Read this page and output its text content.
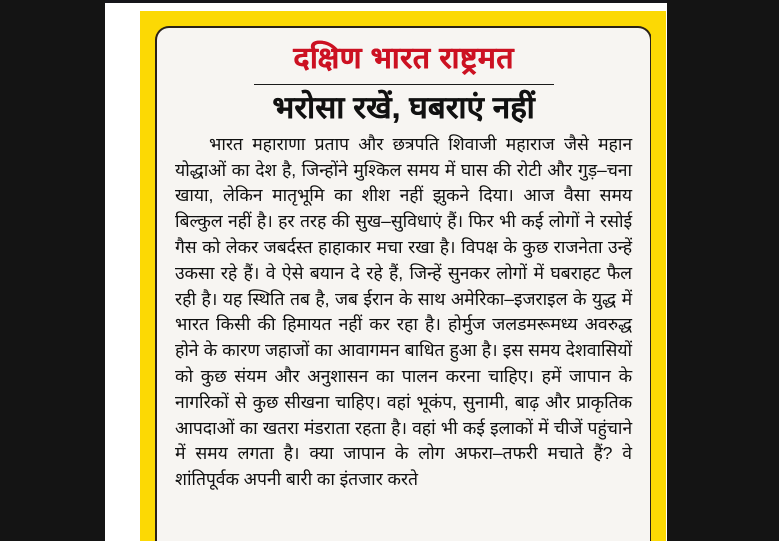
दक्षिण भारत राष्ट्रमत
भरोसा रखें, घबराएं नहीं
भारत महाराणा प्रताप और छत्रपति शिवाजी महाराज जैसे महान योद्धाओं का देश है, जिन्होंने मुश्किल समय में घास की रोटी और गुड़–चना खाया, लेकिन मातृभूमि का शीश नहीं झुकने दिया। आज वैसा समय बिल्कुल नहीं है। हर तरह की सुख–सुविधाएं हैं। फिर भी कई लोगों ने रसोई गैस को लेकर जबर्दस्त हाहाकार मचा रखा है। विपक्ष के कुछ राजनेता उन्हें उकसा रहे हैं। वे ऐसे बयान दे रहे हैं, जिन्हें सुनकर लोगों में घबराहट फैल रही है। यह स्थिति तब है, जब ईरान के साथ अमेरिका–इजराइल के युद्ध में भारत किसी की हिमायत नहीं कर रहा है। होर्मुज जलडमरूमध्य अवरुद्ध होने के कारण जहाजों का आवागमन बाधित हुआ है। इस समय देशवासियों को कुछ संयम और अनुशासन का पालन करना चाहिए। हमें जापान के नागरिकों से कुछ सीखना चाहिए। वहां भूकंप, सुनामी, बाढ़ और प्राकृतिक आपदाओं का खतरा मंडराता रहता है। वहां भी कई इलाकों में चीजें पहुंचाने में समय लगता है। क्या जापान के लोग अफरा–तफरी मचाते हैं? वे शांतिपूर्वक अपनी बारी का इंतजार करते
